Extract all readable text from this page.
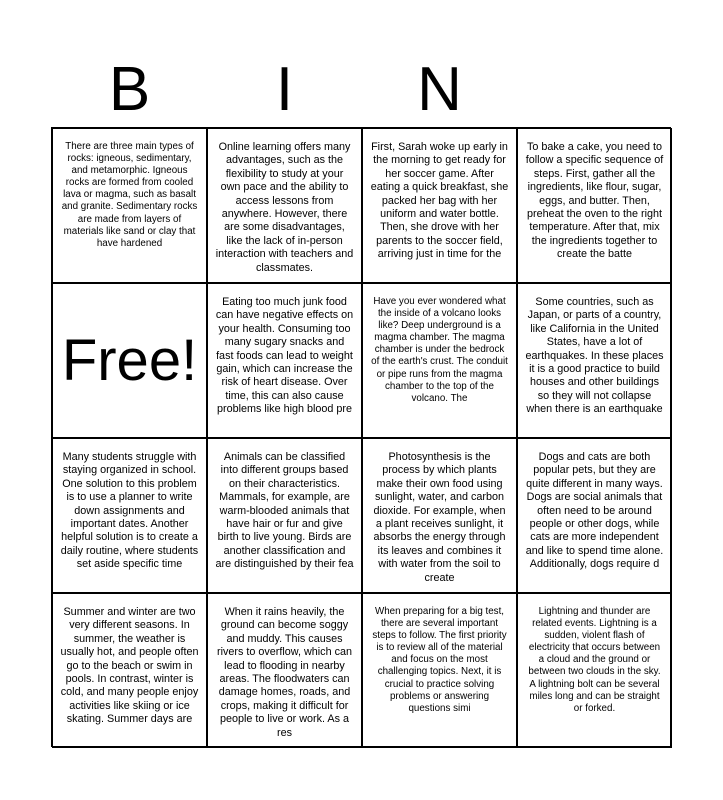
B	I	N
There are three main types of rocks: igneous, sedimentary, and metamorphic. Igneous rocks are formed from cooled lava or magma, such as basalt and granite. Sedimentary rocks are made from layers of materials like sand or clay that have hardened
Online learning offers many advantages, such as the flexibility to study at your own pace and the ability to access lessons from anywhere. However, there are some disadvantages, like the lack of in-person interaction with teachers and classmates.
First, Sarah woke up early in the morning to get ready for her soccer game. After eating a quick breakfast, she packed her bag with her uniform and water bottle. Then, she drove with her parents to the soccer field, arriving just in time for the
To bake a cake, you need to follow a specific sequence of steps. First, gather all the ingredients, like flour, sugar, eggs, and butter. Then, preheat the oven to the right temperature. After that, mix the ingredients together to create the batte
Free!
Eating too much junk food can have negative effects on your health. Consuming too many sugary snacks and fast foods can lead to weight gain, which can increase the risk of heart disease. Over time, this can also cause problems like high blood pre
Have you ever wondered what the inside of a volcano looks like? Deep underground is a magma chamber. The magma chamber is under the bedrock of the earth's crust. The conduit or pipe runs from the magma chamber to the top of the volcano. The
Some countries, such as Japan, or parts of a country, like California in the United States, have a lot of earthquakes. In these places it is a good practice to build houses and other buildings so they will not collapse when there is an earthquake
Many students struggle with staying organized in school. One solution to this problem is to use a planner to write down assignments and important dates. Another helpful solution is to create a daily routine, where students set aside specific time
Animals can be classified into different groups based on their characteristics. Mammals, for example, are warm-blooded animals that have hair or fur and give birth to live young. Birds are another classification and are distinguished by their fea
Photosynthesis is the process by which plants make their own food using sunlight, water, and carbon dioxide. For example, when a plant receives sunlight, it absorbs the energy through its leaves and combines it with water from the soil to create
Dogs and cats are both popular pets, but they are quite different in many ways. Dogs are social animals that often need to be around people or other dogs, while cats are more independent and like to spend time alone. Additionally, dogs require d
Summer and winter are two very different seasons. In summer, the weather is usually hot, and people often go to the beach or swim in pools. In contrast, winter is cold, and many people enjoy activities like skiing or ice skating. Summer days are
When it rains heavily, the ground can become soggy and muddy. This causes rivers to overflow, which can lead to flooding in nearby areas. The floodwaters can damage homes, roads, and crops, making it difficult for people to live or work. As a res
When preparing for a big test, there are several important steps to follow. The first priority is to review all of the material and focus on the most challenging topics. Next, it is crucial to practice solving problems or answering questions simi
Lightning and thunder are related events. Lightning is a sudden, violent flash of electricity that occurs between a cloud and the ground or between two clouds in the sky. A lightning bolt can be several miles long and can be straight or forked.
